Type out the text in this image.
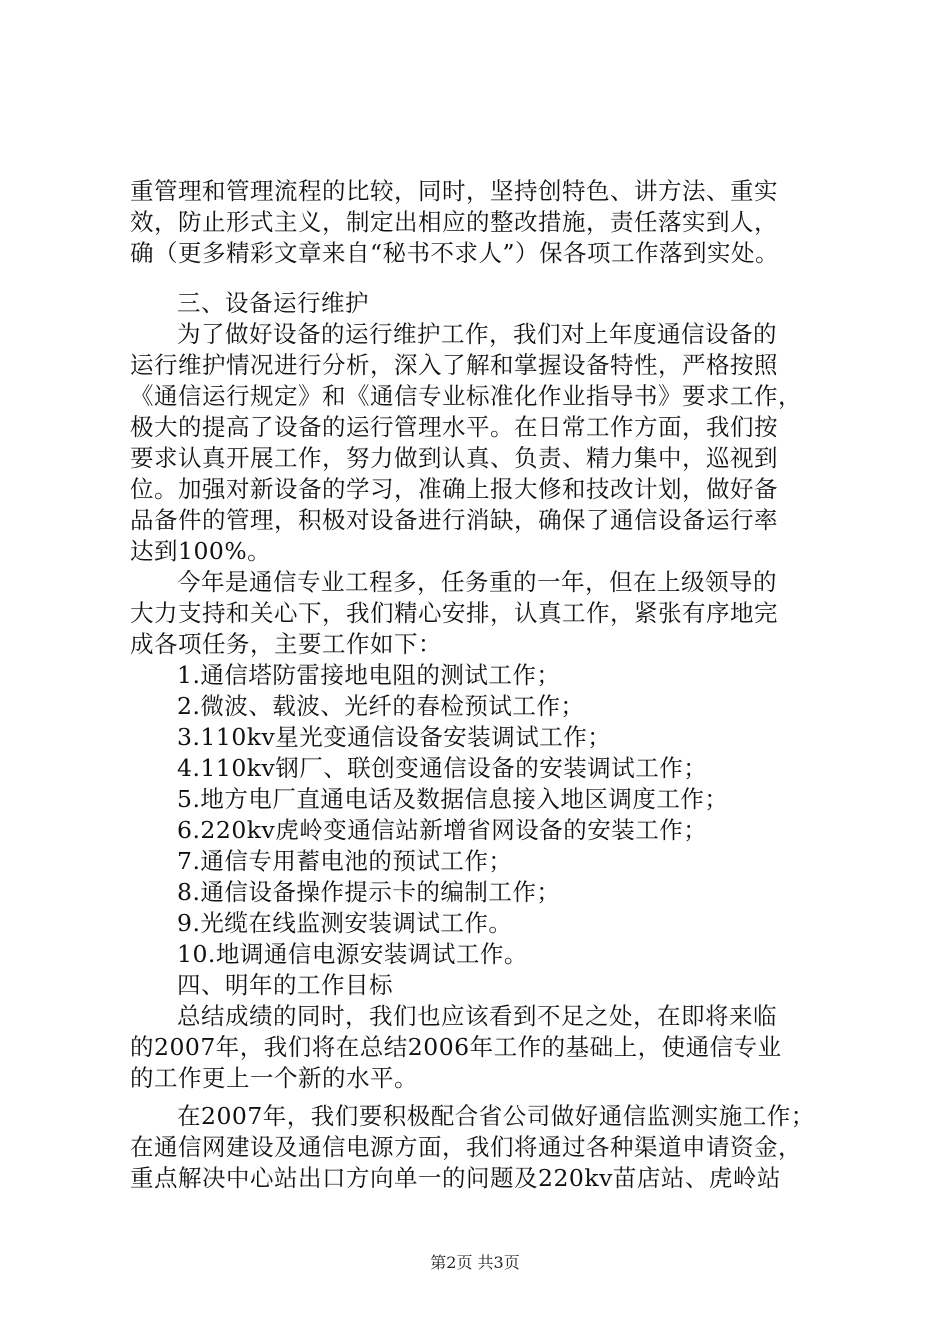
重管理和管理流程的比较，同时，坚持创特色、讲方法、重实
效，防止形式主义，制定出相应的整改措施，责任落实到人，
确（更多精彩文章来自“秘书不求人”）保各项工作落到实处。
三、设备运行维护
为了做好设备的运行维护工作，我们对上年度通信设备的
运行维护情况进行分析，深入了解和掌握设备特性，严格按照
《通信运行规定》和《通信专业标准化作业指导书》要求工作，
极大的提高了设备的运行管理水平。在日常工作方面，我们按
要求认真开展工作，努力做到认真、负责、精力集中，巡视到
位。加强对新设备的学习，准确上报大修和技改计划，做好备
品备件的管理，积极对设备进行消缺，确保了通信设备运行率
达到100%。
今年是通信专业工程多，任务重的一年，但在上级领导的
大力支持和关心下，我们精心安排，认真工作，紧张有序地完
成各项任务，主要工作如下：
1.通信塔防雷接地电阻的测试工作；
2.微波、载波、光纤的春检预试工作；
3.110kv星光变通信设备安装调试工作；
4.110kv钢厂、联创变通信设备的安装调试工作；
5.地方电厂直通电话及数据信息接入地区调度工作；
6.220kv虎岭变通信站新增省网设备的安装工作；
7.通信专用蓄电池的预试工作；
8.通信设备操作提示卡的编制工作；
9.光缆在线监测安装调试工作。
10.地调通信电源安装调试工作。
四、明年的工作目标
总结成绩的同时，我们也应该看到不足之处，在即将来临
的2007年，我们将在总结2006年工作的基础上，使通信专业
的工作更上一个新的水平。
在2007年，我们要积极配合省公司做好通信监测实施工作；
在通信网建设及通信电源方面，我们将通过各种渠道申请资金，
重点解决中心站出口方向单一的问题及220kv苗店站、虎岭站
第2页 共3页
